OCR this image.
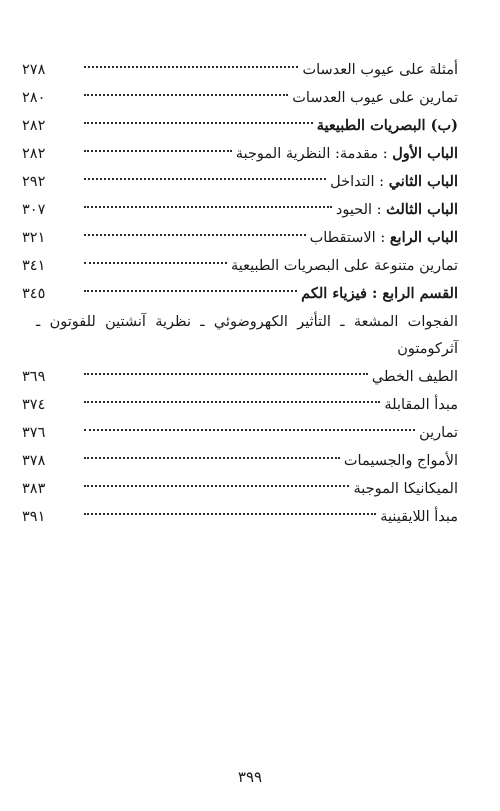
أمثلة على عيوب العدسات
٢٧٨
تمارين على عيوب العدسات
٢٨٠
(ب) البصريات الطبيعية
٢٨٢
الباب الأول : مقدمة: النظرية الموجبة
٢٨٢
الباب الثاني : التداخل
٢٩٢
الباب الثالث : الحيود
٣٠٧
الباب الرابع : الاستقطاب
٣٢١
تمارين متنوعة على البصريات الطبيعية
٣٤١
القسم الرابع : فيزياء الكم
٣٤٥
الفجوات المشعة ـ التأثير الكهروضوئي ـ نظرية آنشتين للفوتون ـ آثركومتون
الطيف الخطي
٣٦٩
مبدأ المقابلة
٣٧٤
تمارين
٣٧٦
الأمواج والجسيمات
٣٧٨
الميكانيكا الموجبة
٣٨٣
مبدأ اللايقينية
٣٩١
٣٩٩
